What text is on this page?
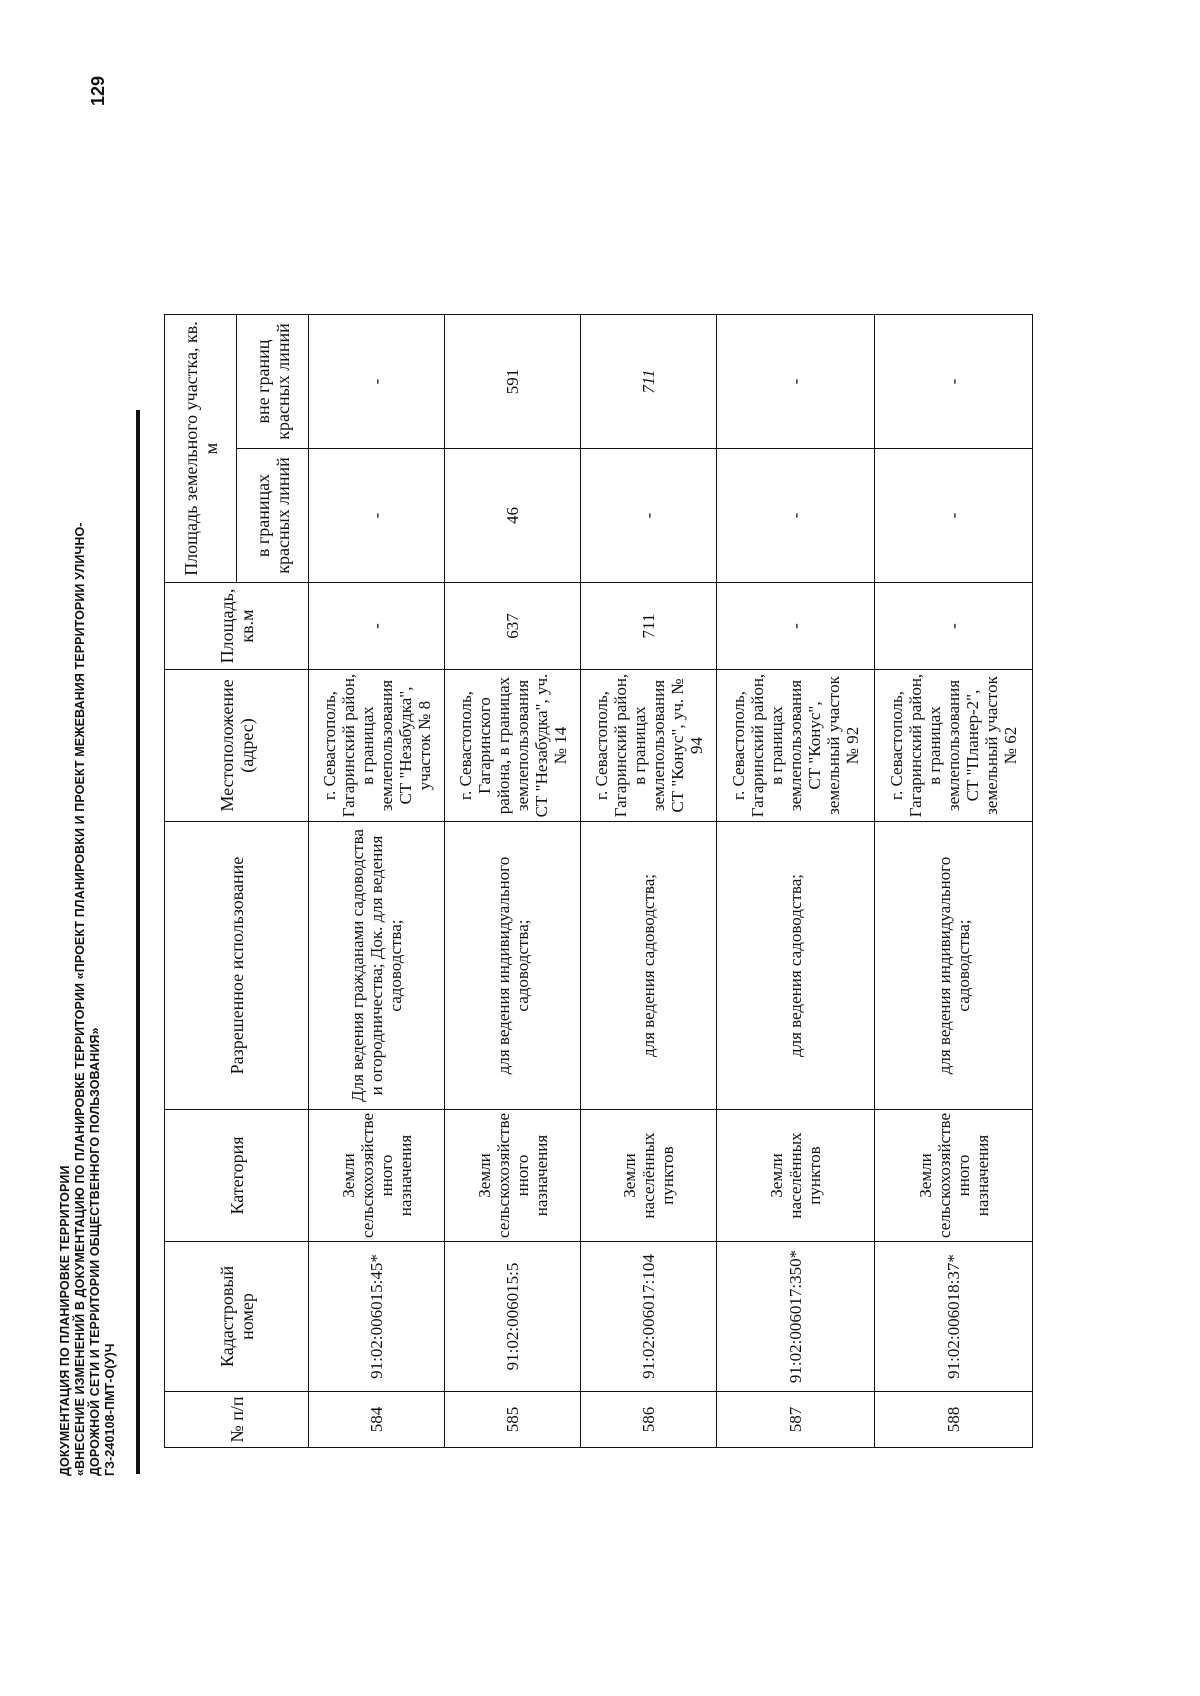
ДОКУМЕНТАЦИЯ ПО ПЛАНИРОВКЕ ТЕРРИТОРИИ «ВНЕСЕНИЕ ИЗМЕНЕНИЙ В ДОКУМЕНТАЦИЮ ПО ПЛАНИРОВКЕ ТЕРРИТОРИИ «ПРОЕКТ ПЛАНИРОВКИ И ПРОЕКТ МЕЖЕВАНИЯ ТЕРРИТОРИИ УЛИЧНО- ДОРОЖНОЙ СЕТИ И ТЕРРИТОРИИ ОБЩЕСТВЕННОГО ПОЛЬЗОВАНИЯ» ГЗ-240108-ПМТ-О(У)Ч
129
№ п/п	Кадастровый номер	Категория	Разрешенное использование	Местоположение (адрес)	Площадь, кв.м	Площадь земельного участка, кв. м	
						в границах красных линий	вне границ красных линий
584	91:02:006015:45*	Земли сельскохозяйстве нного назначения	Для ведения гражданами садоводства и огородничества; Док. для ведения садоводства;	г. Севастополь, Гагаринский район, в границах землепользования СТ "Незабудка", участок № 8	-	-	-
585	91:02:006015:5	Земли сельскохозяйстве нного назначения	для ведения индивидуального садоводства;	г. Севастополь, Гагаринского района, в границах землепользования СТ "Незабудка", уч. № 14	637	46	591
586	91:02:006017:104	Земли населённых пунктов	для ведения садоводства;	г. Севастополь, Гагаринский район, в границах землепользования СТ "Конус", уч. № 94	711	-	711
587	91:02:006017:350*	Земли населённых пунктов	для ведения садоводства;	г. Севастополь, Гагаринский район, в границах землепользования СТ "Конус", земельный участок № 92	-	-	-
588	91:02:006018:37*	Земли сельскохозяйстве нного назначения	для ведения индивидуального садоводства;	г. Севастополь, Гагаринский район, в границах землепользования СТ "Планер-2", земельный участок № 62	-	-	-
